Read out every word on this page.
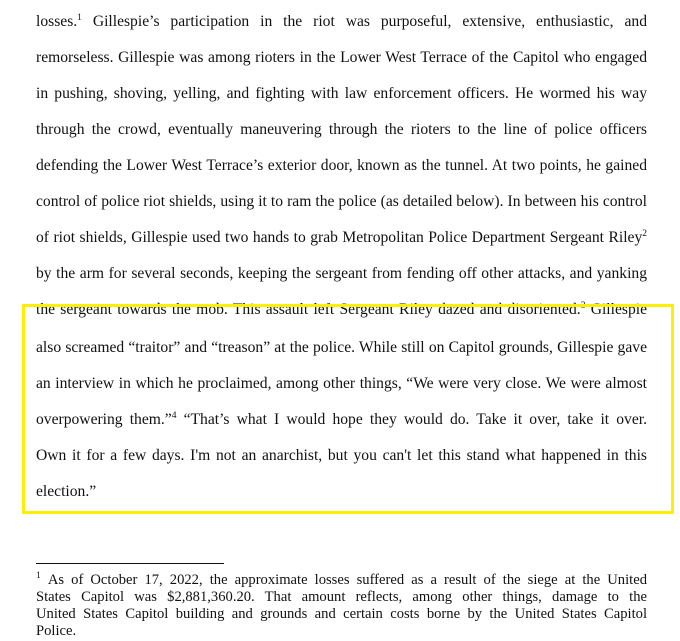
losses.$^1$ Gillespie’s participation in the riot was purposeful, extensive, enthusiastic, and
remorseless. Gillespie was among rioters in the Lower West Terrace of the Capitol who engaged
in pushing, shoving, yelling, and fighting with law enforcement officers. He wormed his way
through the crowd, eventually maneuvering through the rioters to the line of police officers
defending the Lower West Terrace’s exterior door, known as the tunnel. At two points, he gained
control of police riot shields, using it to ram the police (as detailed below). In between his control
of riot shields, Gillespie used two hands to grab Metropolitan Police Department Sergeant Riley$^2$
by the arm for several seconds, keeping the sergeant from fending off other attacks, and yanking
the sergeant towards the mob. This assault left Sergeant Riley dazed and disoriented.$^3$ Gillespie
also screamed “traitor” and “treason” at the police. While still on Capitol grounds, Gillespie gave
an interview in which he proclaimed, among other things, “We were very close. We were almost
overpowering them.”$^4$ “That’s what I would hope they would do. Take it over, take it over.
Own it for a few days. I'm not an anarchist, but you can't let this stand what happened in this
election.”
$^1$ As of October 17, 2022, the approximate losses suffered as a result of the siege at the United
States Capitol was $2,881,360.20. That amount reflects, among other things, damage to the
United States Capitol building and grounds and certain costs borne by the United States Capitol
Police.
